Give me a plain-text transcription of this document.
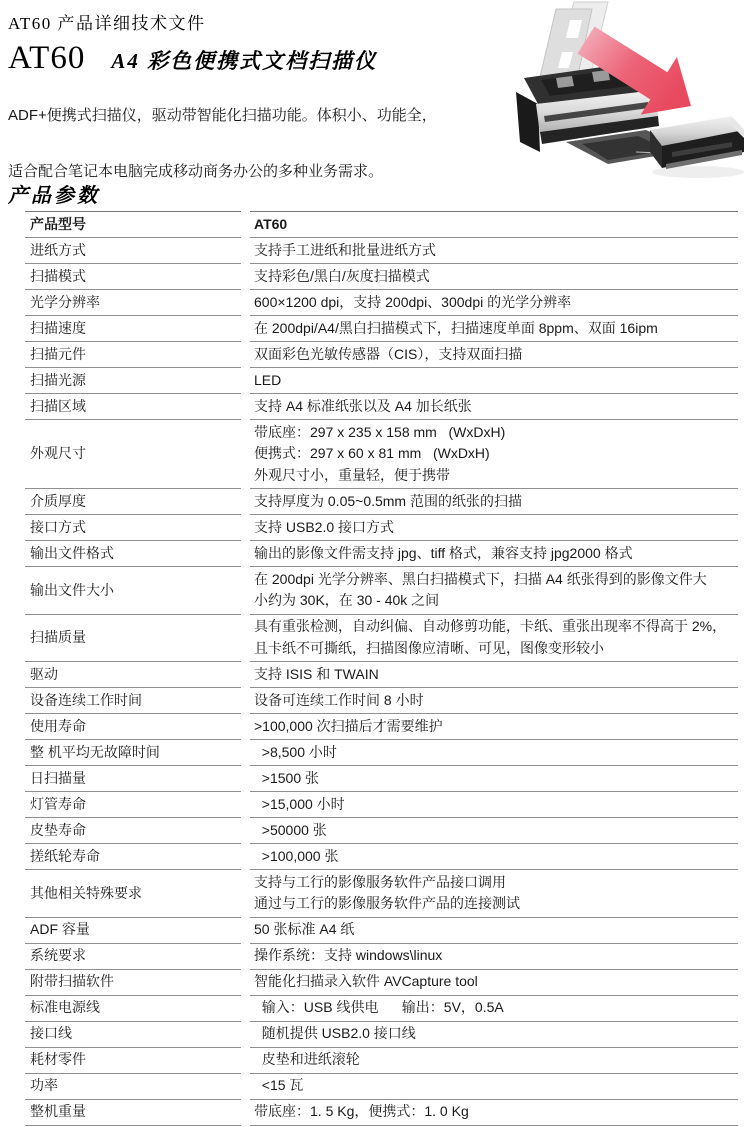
AT60 产品详细技术文件
AT60 A4 彩色便携式文档扫描仪
ADF+便携式扫描仪，驱动带智能化扫描功能。体积小、功能全，
适合配合笔记本电脑完成移动商务办公的多种业务需求。
产品参数
产品型号	AT60

进纸方式	支持手工进纸和批量进纸方式

扫描模式	支持彩色/黑白/灰度扫描模式

光学分辨率	600×1200 dpi，支持 200dpi、300dpi 的光学分辨率

扫描速度	在 200dpi/A4/黑白扫描模式下，扫描速度单面 8ppm、双面 16ipm

扫描元件	双面彩色光敏传感器（CIS），支持双面扫描

扫描光源	LED

扫描区域	支持 A4 标准纸张以及 A4 加长纸张

外观尺寸	带底座：297 x 235 x 158 mm   (WxDxH)
便携式：297 x 60 x 81 mm   (WxDxH)
外观尺寸小，重量轻，便于携带

介质厚度	支持厚度为 0.05~0.5mm 范围的纸张的扫描

接口方式	支持 USB2.0 接口方式

输出文件格式	输出的影像文件需支持 jpg、tiff 格式，兼容支持 jpg2000 格式

输出文件大小	在 200dpi 光学分辨率、黑白扫描模式下，扫描 A4 纸张得到的影像文件大
小约为 30K，在 30 - 40k 之间

扫描质量	具有重张检测，自动纠偏、自动修剪功能，卡纸、重张出现率不得高于 2%，
且卡纸不可撕纸，扫描图像应清晰、可见，图像变形较小

驱动	支持 ISIS 和 TWAIN

设备连续工作时间	设备可连续工作时间 8 小时

使用寿命	>100,000 次扫描后才需要维护

整 机平均无故障时间	>8,500 小时

日扫描量	>1500 张

灯管寿命	>15,000 小时

皮垫寿命	>50000 张

搓纸轮寿命	>100,000 张

其他相关特殊要求	支持与工行的影像服务软件产品接口调用
通过与工行的影像服务软件产品的连接测试

ADF 容量	50 张标准 A4 纸

系统要求	操作系统：支持 windows\linux

附带扫描软件	智能化扫描录入软件 AVCapture tool

标准电源线	输入：USB 线供电      输出：5V，0.5A

接口线	随机提供 USB2.0 接口线

耗材零件	皮垫和进纸滚轮

功率	<15 瓦

整机重量	带底座：1. 5 Kg，便携式：1. 0 Kg
